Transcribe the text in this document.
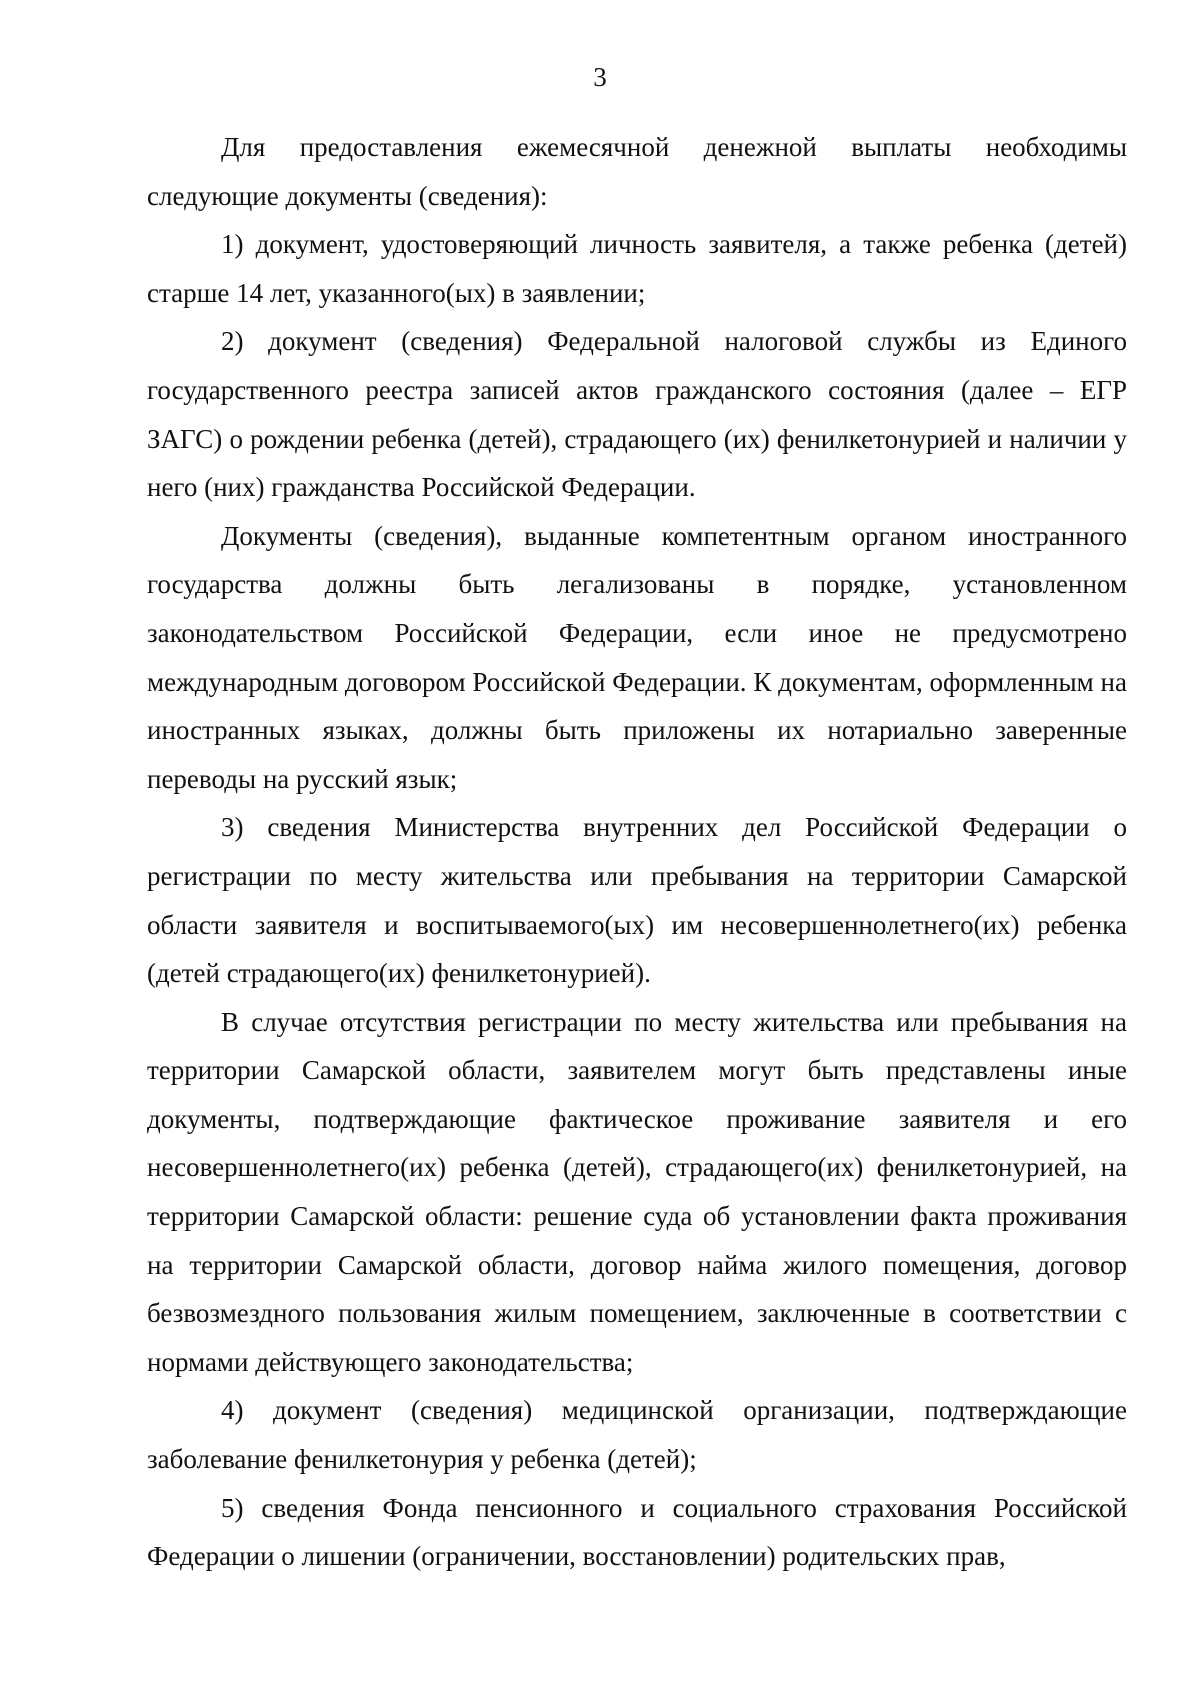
3

Для предоставления ежемесячной денежной выплаты необходимы следующие документы (сведения):

1) документ, удостоверяющий личность заявителя, а также ребенка (детей) старше 14 лет, указанного(ых) в заявлении;

2) документ (сведения) Федеральной налоговой службы из Единого государственного реестра записей актов гражданского состояния (далее – ЕГР ЗАГС) о рождении ребенка (детей), страдающего (их) фенилкетонурией и наличии у него (них) гражданства Российской Федерации.

Документы (сведения), выданные компетентным органом иностранного государства должны быть легализованы в порядке, установленном законодательством Российской Федерации, если иное не предусмотрено международным договором Российской Федерации. К документам, оформленным на иностранных языках, должны быть приложены их нотариально заверенные переводы на русский язык;

3) сведения Министерства внутренних дел Российской Федерации о регистрации по месту жительства или пребывания на территории Самарской области заявителя и воспитываемого(ых) им несовершеннолетнего(их) ребенка (детей страдающего(их) фенилкетонурией).

В случае отсутствия регистрации по месту жительства или пребывания на территории Самарской области, заявителем могут быть представлены иные документы, подтверждающие фактическое проживание заявителя и его несовершеннолетнего(их) ребенка (детей), страдающего(их) фенилкетонурией, на территории Самарской области: решение суда об установлении факта проживания на территории Самарской области, договор найма жилого помещения, договор безвозмездного пользования жилым помещением, заключенные в соответствии с нормами действующего законодательства;

4) документ (сведения) медицинской организации, подтверждающие заболевание фенилкетонурия у ребенка (детей);

5) сведения Фонда пенсионного и социального страхования Российской Федерации о лишении (ограничении, восстановлении) родительских прав,
